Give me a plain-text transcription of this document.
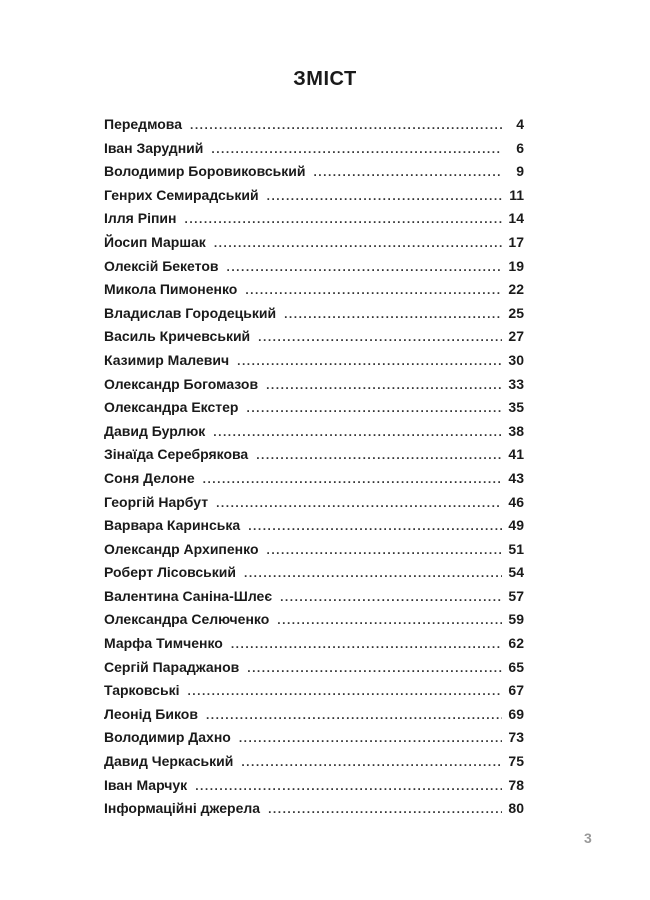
ЗМІСТ
Передмова .....	4
Іван Зарудний .....	6
Володимир Боровиковський .....	9
Генрих Семирадський .....	11
Ілля Ріпин .....	14
Йосип Маршак .....	17
Олексій Бекетов .....	19
Микола Пимоненко .....	22
Владислав Городецький .....	25
Василь Кричевський .....	27
Казимир Малевич .....	30
Олександр Богомазов .....	33
Олександра Екстер .....	35
Давид Бурлюк .....	38
Зінаїда Серебрякова .....	41
Соня Делоне .....	43
Георгій Нарбут .....	46
Варвара Каринська .....	49
Олександр Архипенко .....	51
Роберт Лісовський .....	54
Валентина Саніна-Шлеє .....	57
Олександра Селюченко .....	59
Марфа Тимченко .....	62
Сергій Параджанов .....	65
Тарковські .....	67
Леонід Биков .....	69
Володимир Дахно .....	73
Давид Черкаський .....	75
Іван Марчук .....	78
Інформаційні джерела .....	80
3
